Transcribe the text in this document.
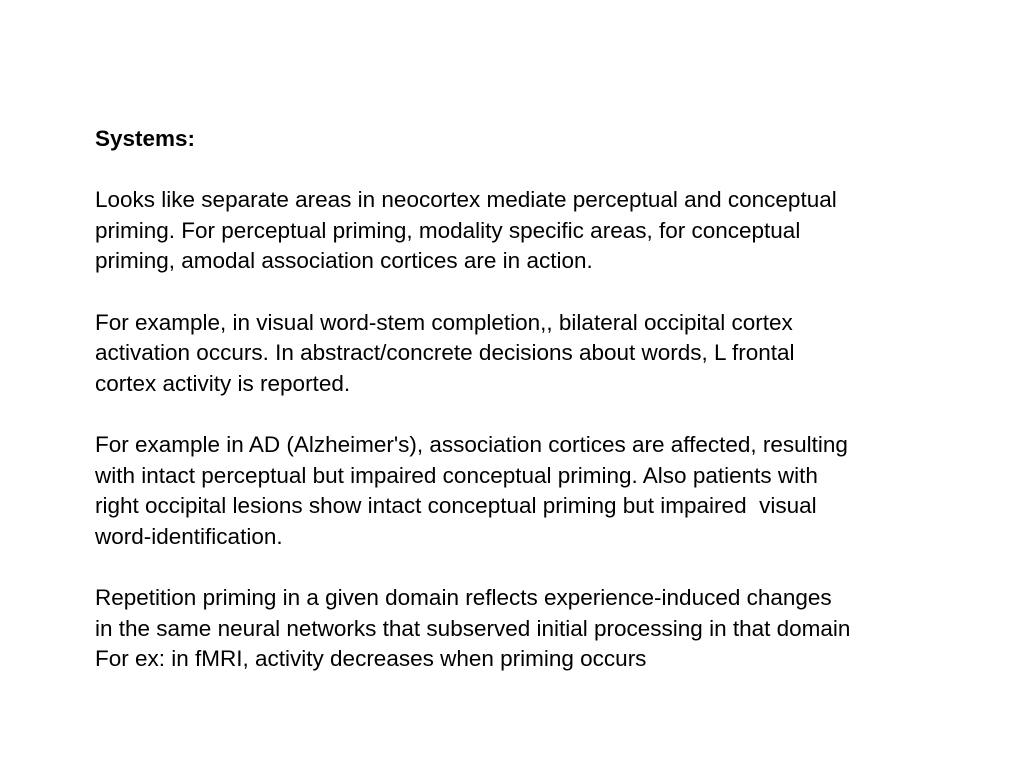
Systems:

Looks like separate areas in neocortex mediate perceptual and conceptual
priming. For perceptual priming, modality specific areas, for conceptual
priming, amodal association cortices are in action.

For example, in visual word-stem completion,, bilateral occipital cortex
activation occurs. In abstract/concrete decisions about words, L frontal
cortex activity is reported.

For example in AD (Alzheimer's), association cortices are affected, resulting
with intact perceptual but impaired conceptual priming. Also patients with
right occipital lesions show intact conceptual priming but impaired  visual
word-identification.

Repetition priming in a given domain reflects experience-induced changes
in the same neural networks that subserved initial processing in that domain
For ex: in fMRI, activity decreases when priming occurs
